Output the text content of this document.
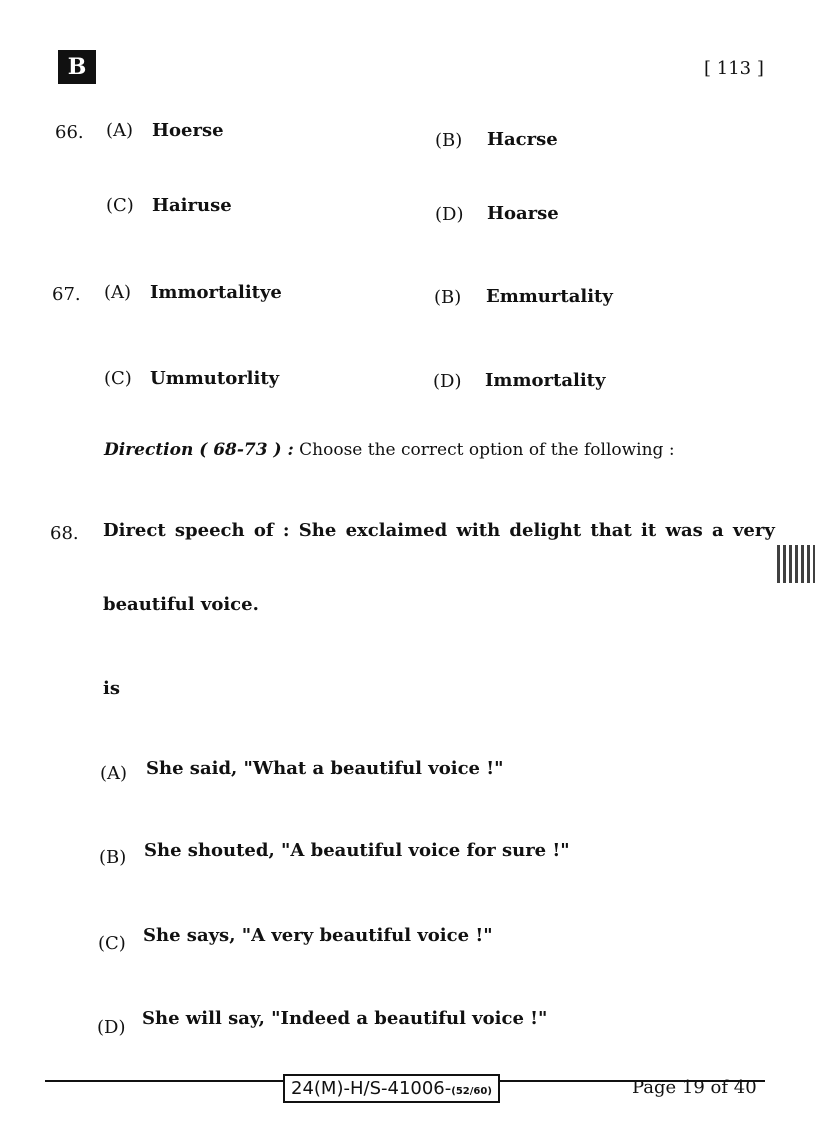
B	[ 113 ]
66. (A) Hoerse	(B) Hacrse
(C) Hairuse	(D) Hoarse
67. (A) Immortalitye	(B) Emmurtality
(C) Ummutorlity	(D) Immortality
Direction ( 68-73 ) : Choose the correct option of the following :
68. Direct speech of : She exclaimed with delight that it was a very
beautiful voice.
is
(A) She said, "What a beautiful voice !"
(B) She shouted, "A beautiful voice for sure !"
(C) She says, "A very beautiful voice !"
(D) She will say, "Indeed a beautiful voice !"
24(M)-H/S-41006-(52/60)	Page 19 of 40
